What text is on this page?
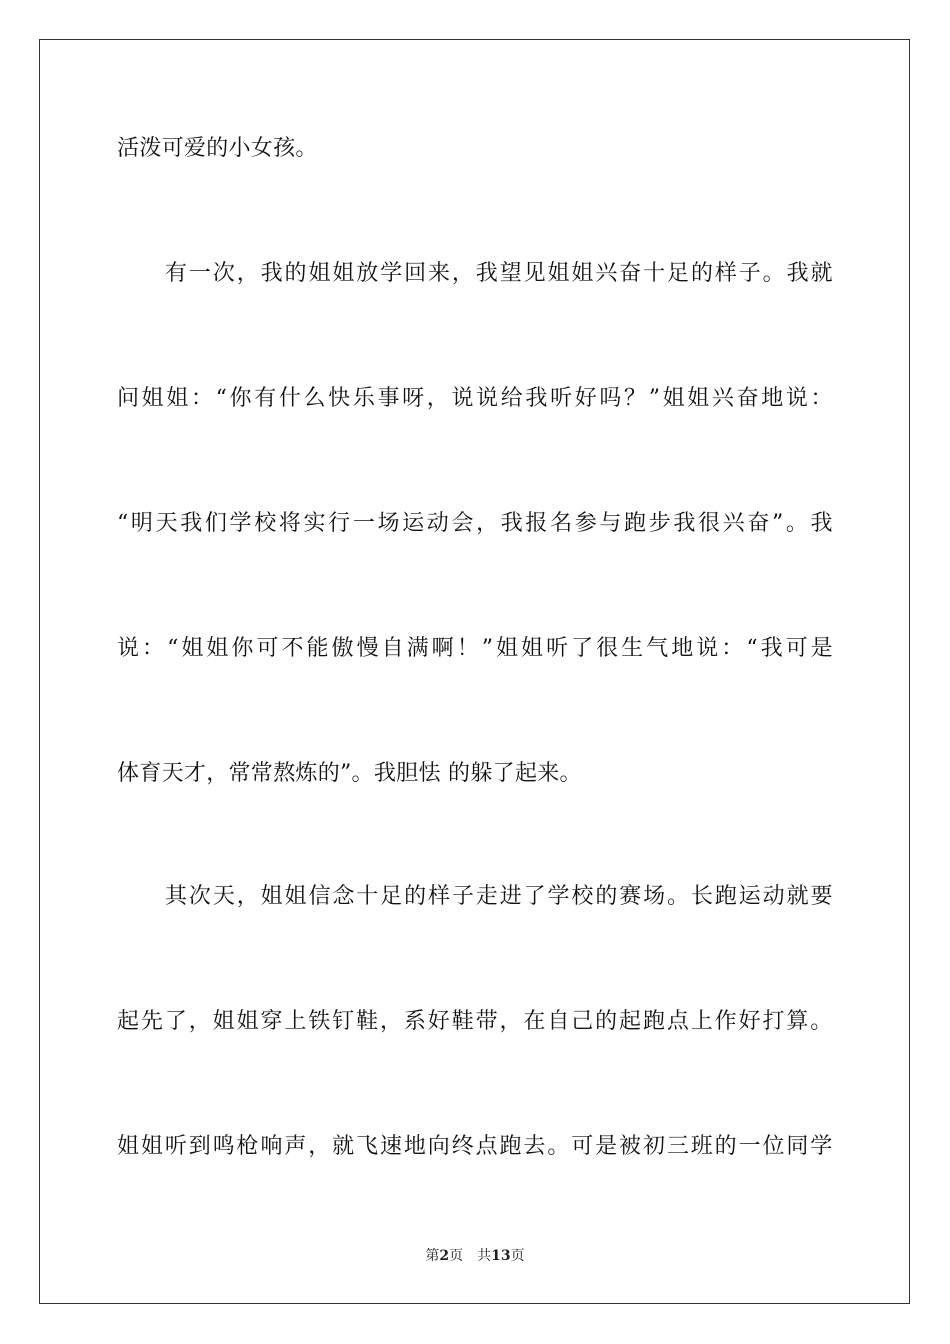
活泼可爱的小女孩。
有 一 次 ， 我 的 姐 姐 放 学 回 来 ， 我 望 见 姐 姐 兴 奋 十 足 的 样 子 。 我 就
问 姐 姐 ： “ 你 有 什 么 快 乐 事 呀 ， 说 说 给 我 听 好 吗 ？ ” 姐 姐 兴 奋 地 说 ：
“ 明 天 我 们 学 校 将 实 行 一 场 运 动 会 ， 我 报 名 参 与 跑 步 我 很 兴 奋 ” 。 我
说 ： “ 姐 姐 你 可 不 能 傲 慢 自 满 啊 ！ ” 姐 姐 听 了 很 生 气 地 说 ： “ 我 可 是
体育天才，常常熬炼的”。我胆怯 的躲了起来。
其 次 天 ， 姐 姐 信 念 十 足 的 样 子 走 进 了 学 校 的 赛 场 。 长 跑 运 动 就 要
起 先 了 ， 姐 姐 穿 上 铁 钉 鞋 ， 系 好 鞋 带 ， 在 自 己 的 起 跑 点 上 作 好 打 算 。
姐 姐 听 到 鸣 枪 响 声 ， 就 飞 速 地 向 终 点 跑 去 。 可 是 被 初 三 班 的 一 位 同 学
第2页 共13页
